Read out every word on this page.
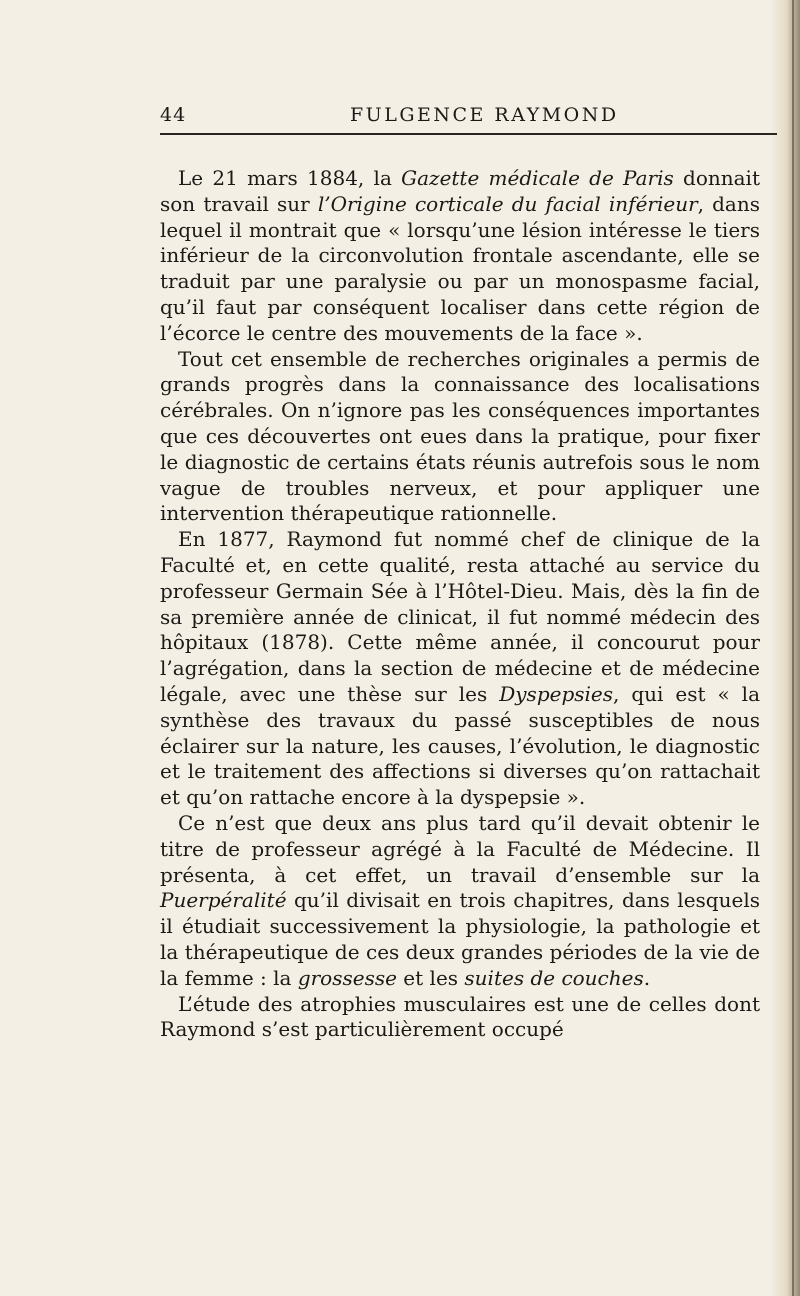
44	FULGENCE RAYMOND

Le 21 mars 1884, la Gazette médicale de Paris donnait son travail sur l’Origine corticale du facial inférieur, dans lequel il montrait que « lorsqu’une lésion intéresse le tiers inférieur de la circonvolution frontale ascendante, elle se traduit par une paralysie ou par un monospasme facial, qu’il faut par conséquent localiser dans cette région de l’écorce le centre des mouvements de la face ».

Tout cet ensemble de recherches originales a permis de grands progrès dans la connaissance des localisations cérébrales. On n’ignore pas les conséquences importantes que ces découvertes ont eues dans la pratique, pour fixer le diagnostic de certains états réunis autrefois sous le nom vague de troubles nerveux, et pour appliquer une intervention thérapeutique rationnelle.

En 1877, Raymond fut nommé chef de clinique de la Faculté et, en cette qualité, resta attaché au service du professeur Germain Sée à l’Hôtel-Dieu. Mais, dès la fin de sa première année de clinicat, il fut nommé médecin des hôpitaux (1878). Cette même année, il concourut pour l’agrégation, dans la section de médecine et de médecine légale, avec une thèse sur les Dyspepsies, qui est « la synthèse des travaux du passé susceptibles de nous éclairer sur la nature, les causes, l’évolution, le diagnostic et le traitement des affections si diverses qu’on rattachait et qu’on rattache encore à la dyspepsie ».

Ce n’est que deux ans plus tard qu’il devait obtenir le titre de professeur agrégé à la Faculté de Médecine. Il présenta, à cet effet, un travail d’ensemble sur la Puerpéralité qu’il divisait en trois chapitres, dans lesquels il étudiait successivement la physiologie, la pathologie et la thérapeutique de ces deux grandes périodes de la vie de la femme : la grossesse et les suites de couches.

L’étude des atrophies musculaires est une de celles dont Raymond s’est particulièrement occupé
